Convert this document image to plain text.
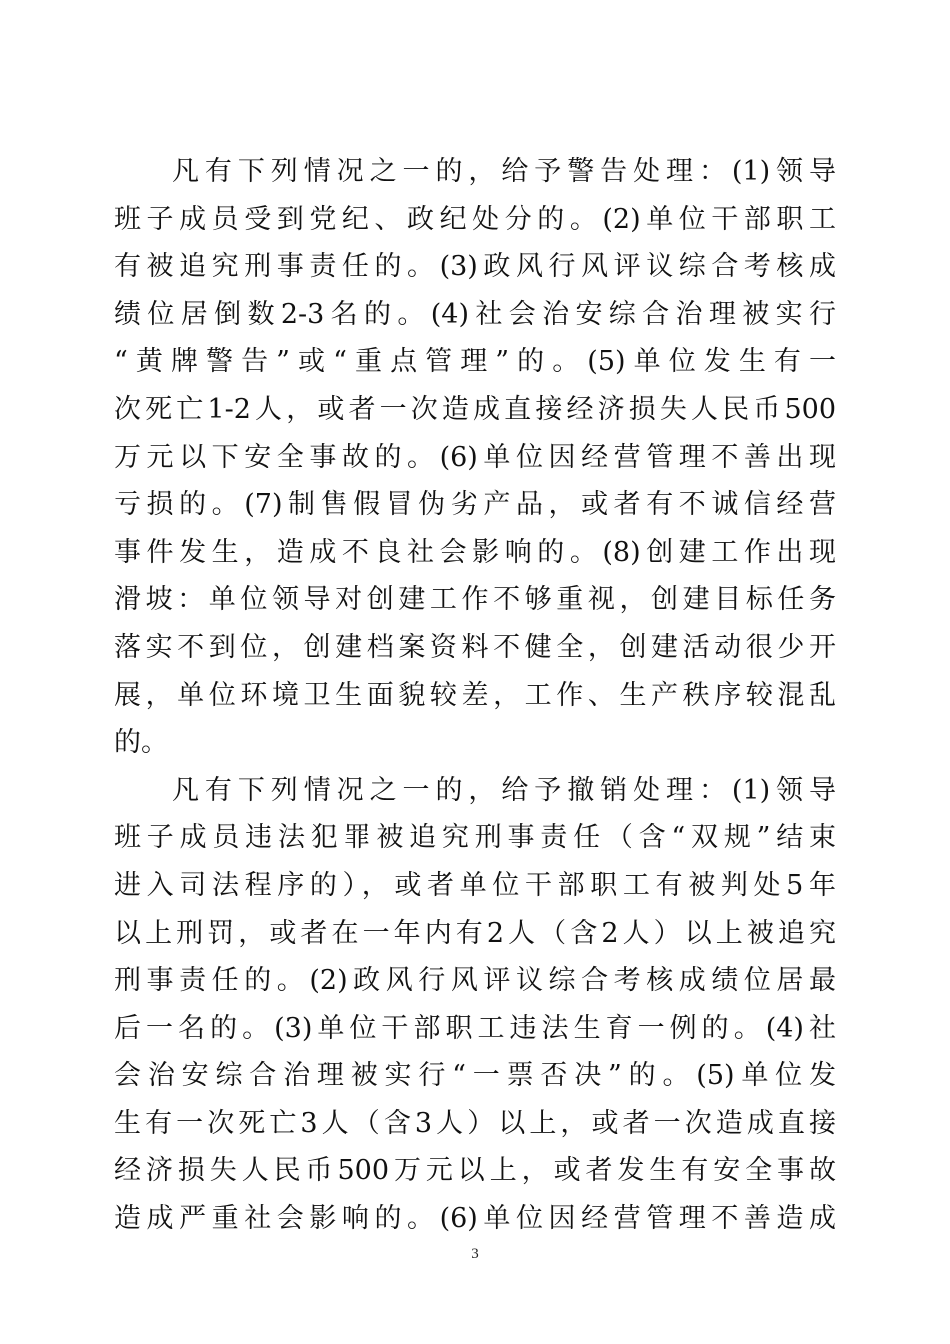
凡有下列情况之一的，给予警告处理：(1)领导
班子成员受到党纪、政纪处分的。(2)单位干部职工
有被追究刑事责任的。(3)政风行风评议综合考核成
绩位居倒数2-3名的。(4)社会治安综合治理被实行
“黄牌警告”或“重点管理”的。(5)单位发生有一
次死亡1-2人，或者一次造成直接经济损失人民币500
万元以下安全事故的。(6)单位因经营管理不善出现
亏损的。(7)制售假冒伪劣产品，或者有不诚信经营
事件发生，造成不良社会影响的。(8)创建工作出现
滑坡：单位领导对创建工作不够重视，创建目标任务
落实不到位，创建档案资料不健全，创建活动很少开
展，单位环境卫生面貌较差，工作、生产秩序较混乱
的。
凡有下列情况之一的，给予撤销处理：(1)领导
班子成员违法犯罪被追究刑事责任（含“双规”结束
进入司法程序的），或者单位干部职工有被判处5年
以上刑罚，或者在一年内有2人（含2人）以上被追究
刑事责任的。(2)政风行风评议综合考核成绩位居最
后一名的。(3)单位干部职工违法生育一例的。(4)社
会治安综合治理被实行“一票否决”的。(5)单位发
生有一次死亡3人（含3人）以上，或者一次造成直接
经济损失人民币500万元以上，或者发生有安全事故
造成严重社会影响的。(6)单位因经营管理不善造成
3
